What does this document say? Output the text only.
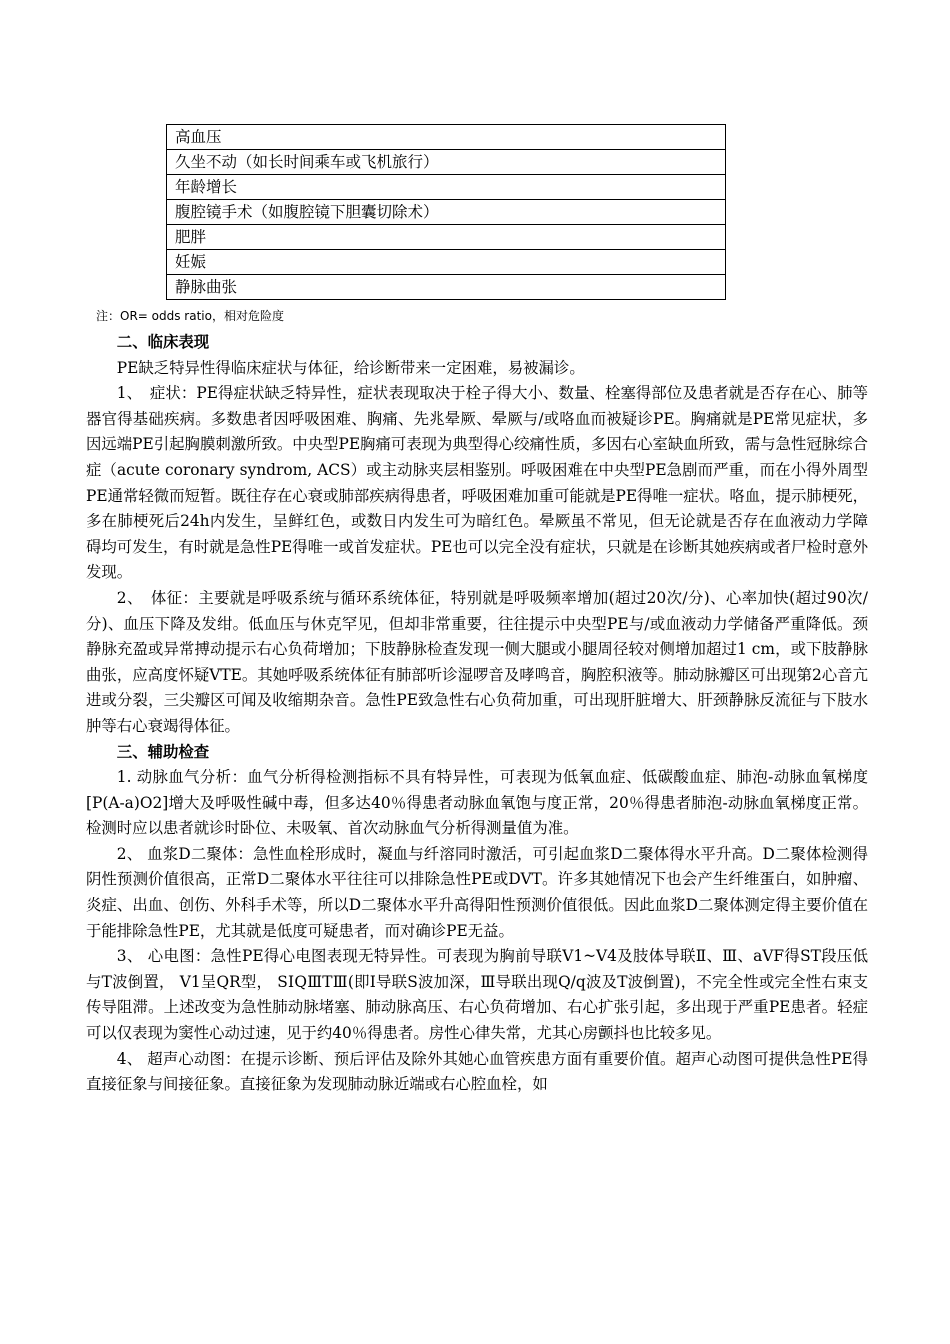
高血压
久坐不动（如长时间乘车或飞机旅行）
年龄增长
腹腔镜手术（如腹腔镜下胆囊切除术）
肥胖
妊娠
静脉曲张
注：OR= odds ratio，相对危险度
二、临床表现

PE缺乏特异性得临床症状与体征，给诊断带来一定困难，易被漏诊。

1、　症状：PE得症状缺乏特异性，症状表现取决于栓子得大小、数量、栓塞得部位及患者就是否存在心、肺等器官得基础疾病。多数患者因呼吸困难、胸痛、先兆晕厥、晕厥与/或咯血而被疑诊PE。胸痛就是PE常见症状，多因远端PE引起胸膜刺激所致。中央型PE胸痛可表现为典型得心绞痛性质，多因右心室缺血所致，需与急性冠脉综合症（acute coronary syndrom, ACS）或主动脉夹层相鉴别。呼吸困难在中央型PE急剧而严重，而在小得外周型PE通常轻微而短暂。既往存在心衰或肺部疾病得患者，呼吸困难加重可能就是PE得唯一症状。咯血，提示肺梗死，多在肺梗死后24h内发生，呈鲜红色，或数日内发生可为暗红色。晕厥虽不常见，但无论就是否存在血液动力学障碍均可发生，有时就是急性PE得唯一或首发症状。PE也可以完全没有症状，只就是在诊断其她疾病或者尸检时意外发现。

2、　体征：主要就是呼吸系统与循环系统体征，特别就是呼吸频率增加(超过20次/分)、心率加快(超过90次/分)、血压下降及发绀。低血压与休克罕见，但却非常重要，往往提示中央型PE与/或血液动力学储备严重降低。颈静脉充盈或异常搏动提示右心负荷增加；下肢静脉检查发现一侧大腿或小腿周径较对侧增加超过1 cm，或下肢静脉曲张，应高度怀疑VTE。其她呼吸系统体征有肺部听诊湿啰音及哮鸣音，胸腔积液等。肺动脉瓣区可出现第2心音亢进或分裂，三尖瓣区可闻及收缩期杂音。急性PE致急性右心负荷加重，可出现肝脏增大、肝颈静脉反流征与下肢水肿等右心衰竭得体征。

三、辅助检查

1. 动脉血气分析：血气分析得检测指标不具有特异性，可表现为低氧血症、低碳酸血症、肺泡-动脉血氧梯度[P(A-a)O2]增大及呼吸性碱中毒，但多达40％得患者动脉血氧饱与度正常，20％得患者肺泡-动脉血氧梯度正常。检测时应以患者就诊时卧位、未吸氧、首次动脉血气分析得测量值为准。

2、 血浆D二聚体：急性血栓形成时，凝血与纤溶同时激活，可引起血浆D二聚体得水平升高。D二聚体检测得阴性预测价值很高，正常D二聚体水平往往可以排除急性PE或DVT。许多其她情况下也会产生纤维蛋白，如肿瘤、炎症、出血、创伤、外科手术等，所以D二聚体水平升高得阳性预测价值很低。因此血浆D二聚体测定得主要价值在于能排除急性PE，尤其就是低度可疑患者，而对确诊PE无益。

3、 心电图：急性PE得心电图表现无特异性。可表现为胸前导联V1~V4及肢体导联Ⅱ、Ⅲ、aVF得ST段压低与T波倒置， V1呈QR型， SⅠQⅢTⅢ(即Ⅰ导联S波加深，Ⅲ导联出现Q/q波及T波倒置)，不完全性或完全性右束支传导阻滞。上述改变为急性肺动脉堵塞、肺动脉高压、右心负荷增加、右心扩张引起，多出现于严重PE患者。轻症可以仅表现为窦性心动过速，见于约40％得患者。房性心律失常，尤其心房颤抖也比较多见。

4、 超声心动图：在提示诊断、预后评估及除外其她心血管疾患方面有重要价值。超声心动图可提供急性PE得直接征象与间接征象。直接征象为发现肺动脉近端或右心腔血栓，如
